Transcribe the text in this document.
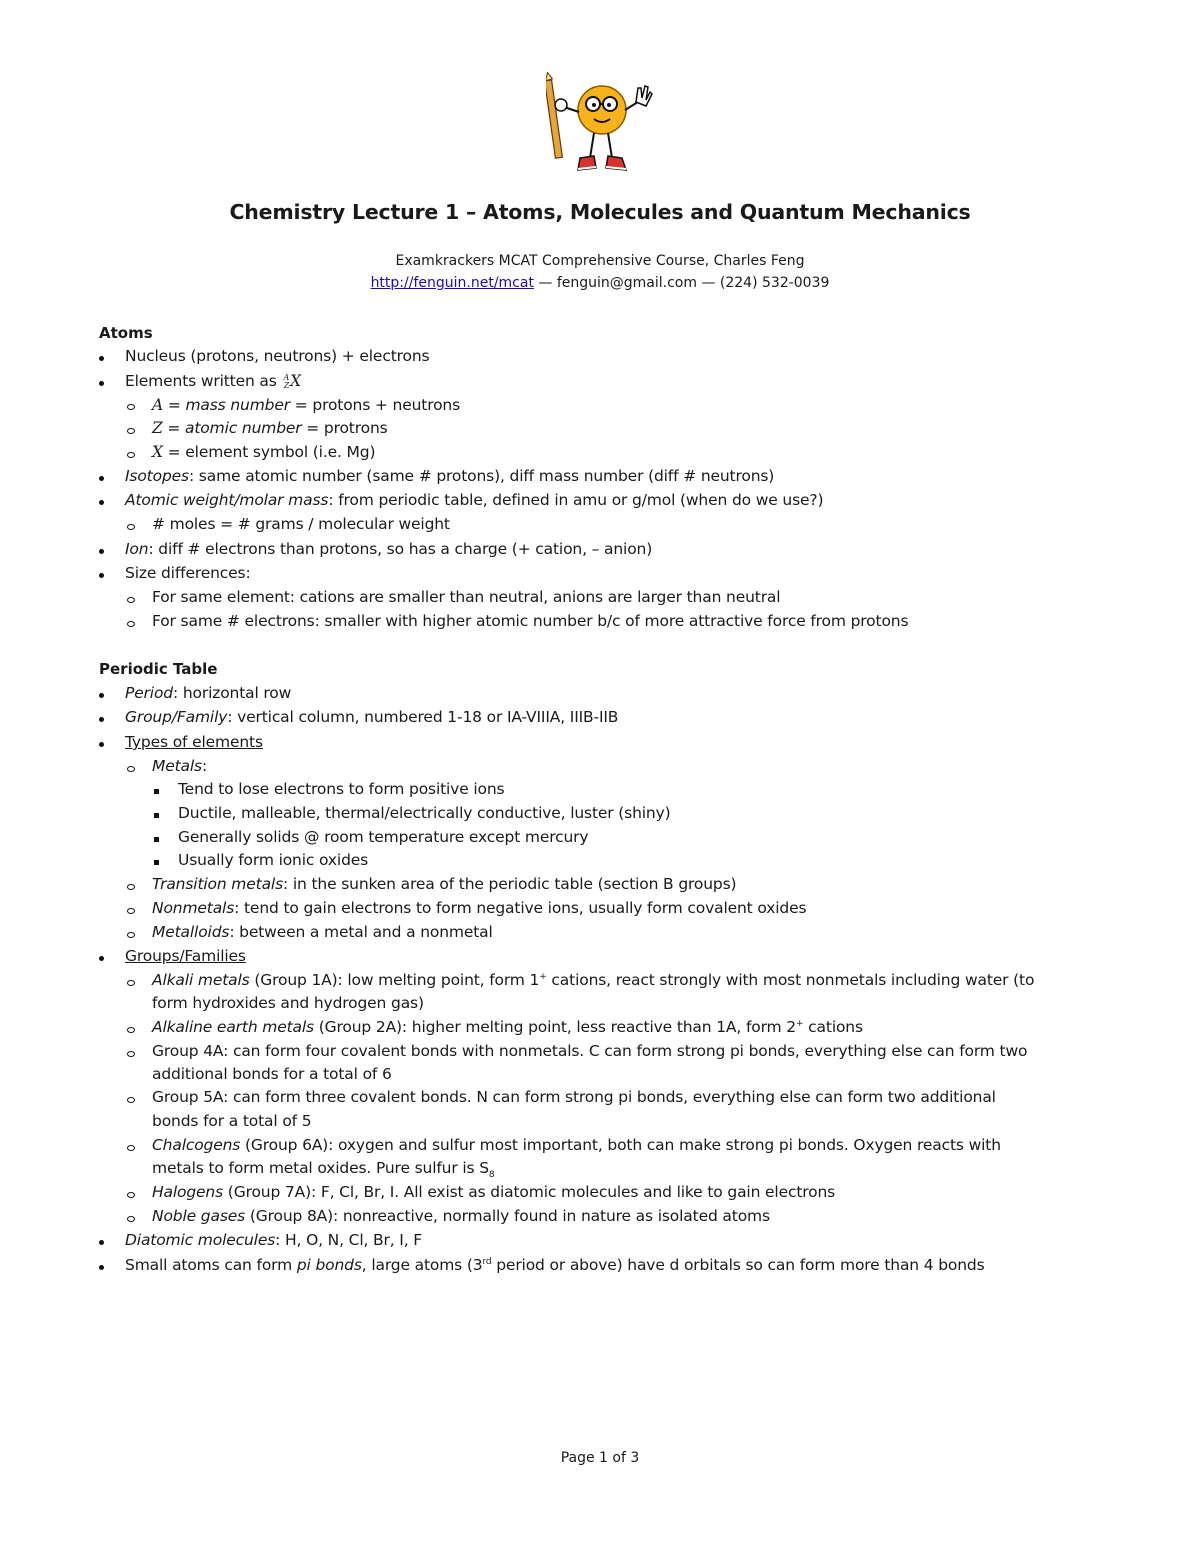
Chemistry Lecture 1 – Atoms, Molecules and Quantum Mechanics
Examkrackers MCAT Comprehensive Course, Charles Feng
http://fenguin.net/mcat — fenguin@gmail.com — (224) 532-0039
Atoms
Nucleus (protons, neutrons) + electrons
Elements written as A
ZX
A = mass number = protons + neutrons
Z = atomic number = protrons
X = element symbol (i.e. Mg)
Isotopes: same atomic number (same # protons), diff mass number (diff # neutrons)
Atomic weight/molar mass: from periodic table, defined in amu or g/mol (when do we use?)
# moles = # grams / molecular weight
Ion: diff # electrons than protons, so has a charge (+ cation, – anion)
Size differences:
For same element: cations are smaller than neutral, anions are larger than neutral
For same # electrons: smaller with higher atomic number b/c of more attractive force from protons
Periodic Table
Period: horizontal row
Group/Family: vertical column, numbered 1-18 or IA-VIIIA, IIIB-IIB
Types of elements
Metals:
Tend to lose electrons to form positive ions
Ductile, malleable, thermal/electrically conductive, luster (shiny)
Generally solids @ room temperature except mercury
Usually form ionic oxides
Transition metals: in the sunken area of the periodic table (section B groups)
Nonmetals: tend to gain electrons to form negative ions, usually form covalent oxides
Metalloids: between a metal and a nonmetal
Groups/Families
Alkali metals (Group 1A): low melting point, form 1+ cations, react strongly with most nonmetals including water (to
form hydroxides and hydrogen gas)
Alkaline earth metals (Group 2A): higher melting point, less reactive than 1A, form 2+ cations
Group 4A: can form four covalent bonds with nonmetals. C can form strong pi bonds, everything else can form two
additional bonds for a total of 6
Group 5A: can form three covalent bonds. N can form strong pi bonds, everything else can form two additional
bonds for a total of 5
Chalcogens (Group 6A): oxygen and sulfur most important, both can make strong pi bonds. Oxygen reacts with
metals to form metal oxides. Pure sulfur is $S_8$
Halogens (Group 7A): F, Cl, Br, I. All exist as diatomic molecules and like to gain electrons
Noble gases (Group 8A): nonreactive, normally found in nature as isolated atoms
Diatomic molecules: H, O, N, Cl, Br, I, F
Small atoms can form pi bonds, large atoms (3rd period or above) have d orbitals so can form more than 4 bonds
Page 1 of 3
